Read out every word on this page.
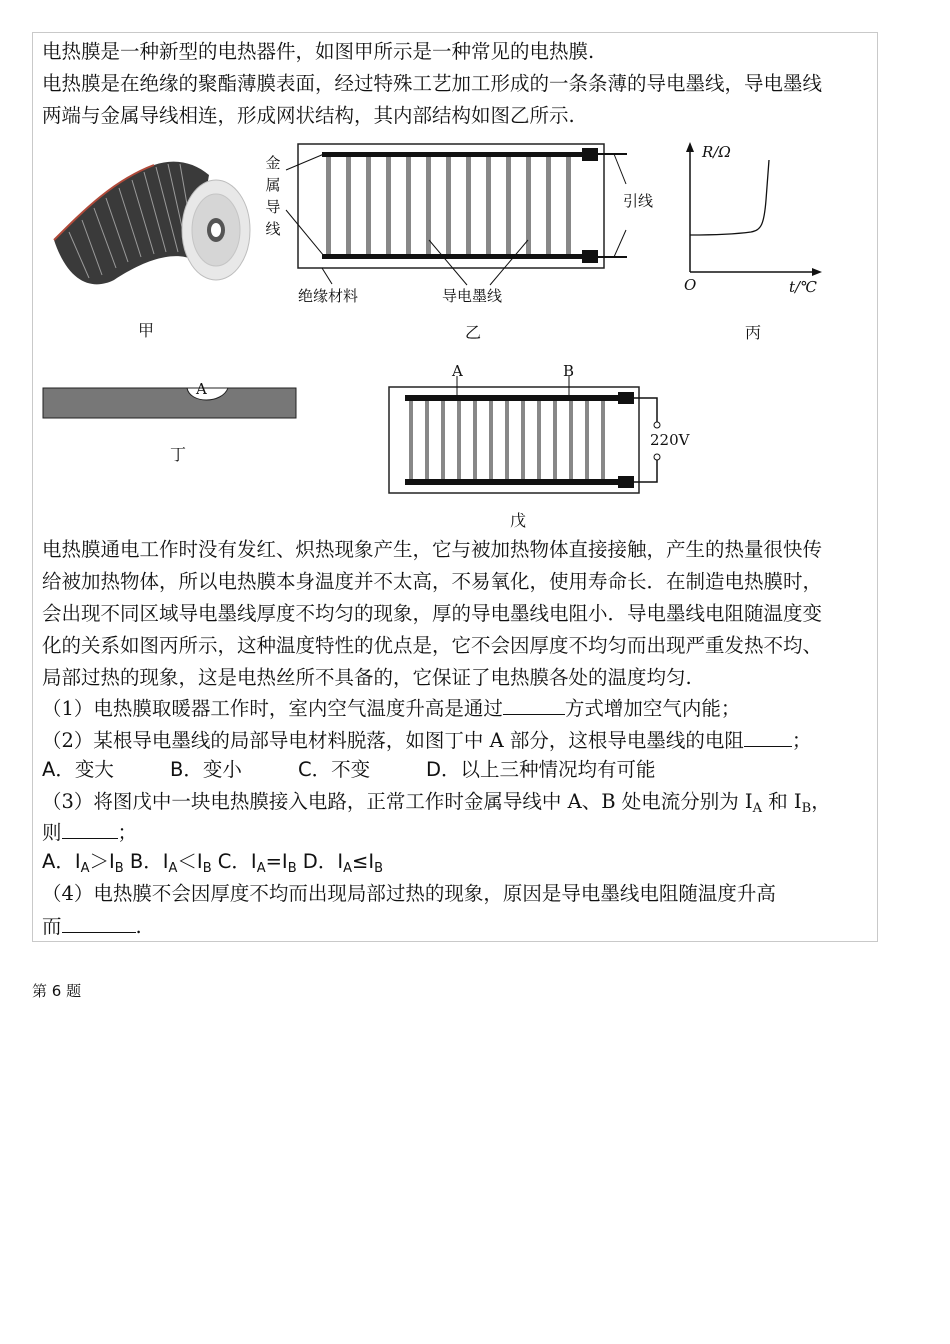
电热膜是一种新型的电热器件，如图甲所示是一种常见的电热膜.
电热膜是在绝缘的聚酯薄膜表面，经过特殊工艺加工形成的一条条薄的导电墨线，导电墨线
两端与金属导线相连，形成网状结构，其内部结构如图乙所示.
甲
金
属
导
线
引线
绝缘材料	导电墨线
乙
R/Ω
t/℃
O
丙
A
丁
A	B
220V
戊
电热膜通电工作时没有发红、炽热现象产生，它与被加热物体直接接触，产生的热量很快传
给被加热物体，所以电热膜本身温度并不太高，不易氧化，使用寿命长．在制造电热膜时，
会出现不同区域导电墨线厚度不均匀的现象，厚的导电墨线电阻小．导电墨线电阻随温度变
化的关系如图丙所示，这种温度特性的优点是，它不会因厚度不均匀而出现严重发热不均、
局部过热的现象，这是电热丝所不具备的，它保证了电热膜各处的温度均匀.
（1）电热膜取暖器工作时，室内空气温度升高是通过	方式增加空气内能；
（2）某根导电墨线的局部导电材料脱落，如图丁中 A 部分，这根导电墨线的电阻 ；
A．变大	B．变小	C．不变	D．以上三种情况均有可能
（3）将图戊中一块电热膜接入电路，正常工作时金属导线中 A、B 处电流分别为 $I_A$ 和 $I_B$，
则	；
A．$I_A>I_B$ B．$I_A<I_B$ C．$I_A=I_B$ D．$I_A\le I_B$
（4）电热膜不会因厚度不均而出现局部过热的现象，原因是导电墨线电阻随温度升高
而	.
第 6 题
